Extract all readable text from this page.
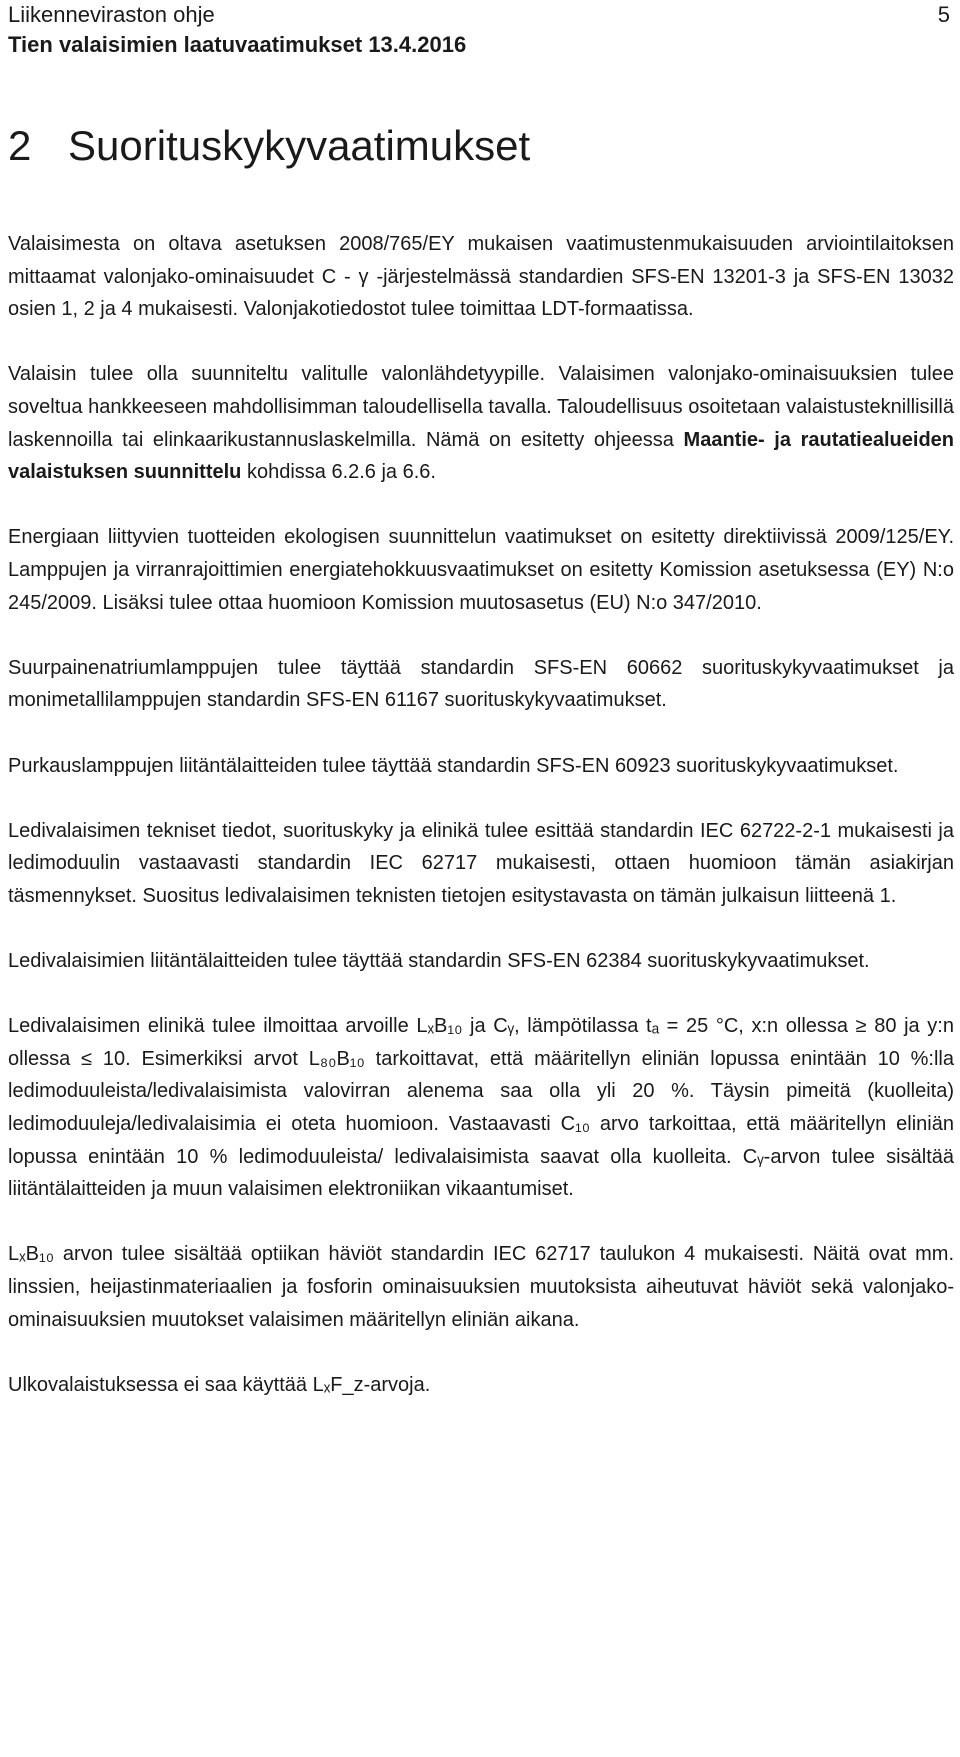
Liikenneviraston ohje
Tien valaisimien laatuvaatimukset 13.4.2016
5
2 Suorituskykyvaatimukset

Valaisimesta on oltava asetuksen 2008/765/EY mukaisen vaatimustenmukaisuuden arviointilaitoksen mittaamat valonjako-ominaisuudet C - γ -järjestelmässä standardien SFS-EN 13201-3 ja SFS-EN 13032 osien 1, 2 ja 4 mukaisesti. Valonjakotiedostot tulee toimittaa LDT-formaatissa.

Valaisin tulee olla suunniteltu valitulle valonlähdetyypille. Valaisimen valonjako-ominaisuuksien tulee soveltua hankkeeseen mahdollisimman taloudellisella tavalla. Taloudellisuus osoitetaan valaistusteknillisillä laskennoilla tai elinkaarikustannuslaskelmilla. Nämä on esitetty ohjeessa Maantie- ja rautatiealueiden valaistuksen suunnittelu kohdissa 6.2.6 ja 6.6.

Energiaan liittyvien tuotteiden ekologisen suunnittelun vaatimukset on esitetty direktiivissä 2009/125/EY. Lamppujen ja virranrajoittimien energiatehokkuusvaatimukset on esitetty Komission asetuksessa (EY) N:o 245/2009. Lisäksi tulee ottaa huomioon Komission muutosasetus (EU) N:o 347/2010.

Suurpainenatriumlamppujen tulee täyttää standardin SFS-EN 60662 suorituskykyvaatimukset ja monimetallilamppujen standardin SFS-EN 61167 suorituskykyvaatimukset.

Purkauslamppujen liitäntälaitteiden tulee täyttää standardin SFS-EN 60923 suorituskykyvaatimukset.

Ledivalaisimen tekniset tiedot, suorituskyky ja elinikä tulee esittää standardin IEC 62722-2-1 mukaisesti ja ledimoduulin vastaavasti standardin IEC 62717 mukaisesti, ottaen huomioon tämän asiakirjan täsmennykset. Suositus ledivalaisimen teknisten tietojen esitystavasta on tämän julkaisun liitteenä 1.

Ledivalaisimien liitäntälaitteiden tulee täyttää standardin SFS-EN 62384 suorituskykyvaatimukset.

Ledivalaisimen elinikä tulee ilmoittaa arvoille LₓB₁₀ ja Cᵧ, lämpötilassa tₐ = 25 °C, x:n ollessa ≥ 80 ja y:n ollessa ≤ 10. Esimerkiksi arvot L₈₀B₁₀ tarkoittavat, että määritellyn eliniän lopussa enintään 10 %:lla ledimoduuleista/ledivalaisimista valovirran alenema saa olla yli 20 %. Täysin pimeitä (kuolleita) ledimoduuleja/ledivalaisimia ei oteta huomioon. Vastaavasti C₁₀ arvo tarkoittaa, että määritellyn eliniän lopussa enintään 10 % ledimoduuleista/ ledivalaisimista saavat olla kuolleita. Cᵧ-arvon tulee sisältää liitäntälaitteiden ja muun valaisimen elektroniikan vikaantumiset.

LₓB₁₀ arvon tulee sisältää optiikan häviöt standardin IEC 62717 taulukon 4 mukaisesti. Näitä ovat mm. linssien, heijastinmateriaalien ja fosforin ominaisuuksien muutoksista aiheutuvat häviöt sekä valonjako-ominaisuuksien muutokset valaisimen määritellyn eliniän aikana.

Ulkovalaistuksessa ei saa käyttää LₓF_z-arvoja.
